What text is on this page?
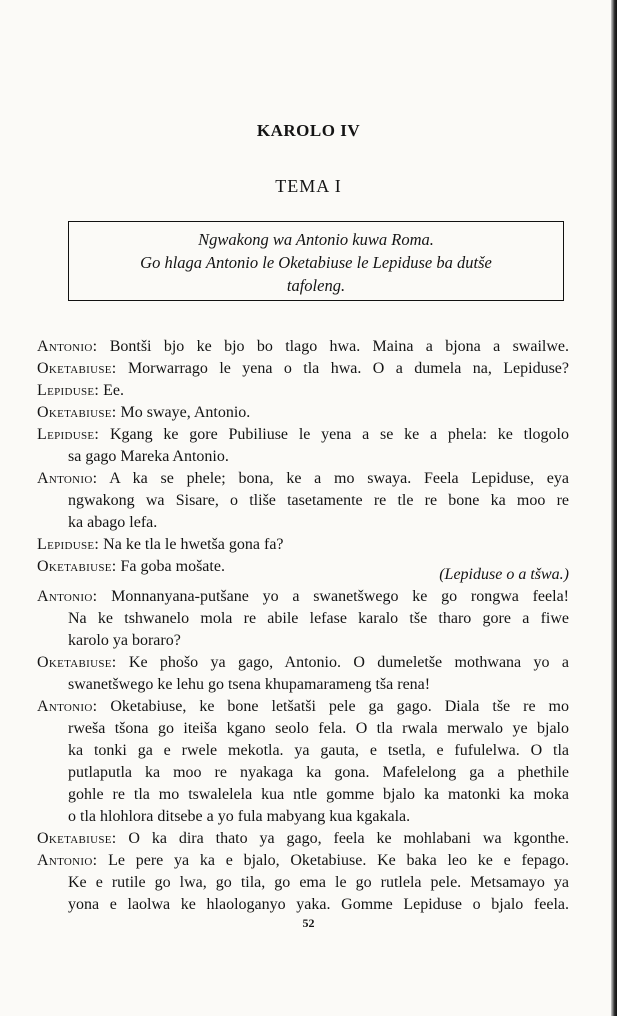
KAROLO IV
TEMA I
Ngwakong wa Antonio kuwa Roma.
Go hlaga Antonio le Oketabiuse le Lepiduse ba dutše
tafoleng.
Antonio: Bontši bjo ke bjo bo tlago hwa. Maina a bjona a swailwe.
Oketabiuse: Morwarrago le yena o tla hwa. O a dumela na, Lepiduse?
Lepiduse: Ee.
Oketabiuse: Mo swaye, Antonio.
Lepiduse: Kgang ke gore Pubiliuse le yena a se ke a phela: ke tlogolo
sa gago Mareka Antonio.
Antonio: A ka se phele; bona, ke a mo swaya. Feela Lepiduse, eya
ngwakong wa Sisare, o tliše tasetamente re tle re bone ka moo re
ka abago lefa.
Lepiduse: Na ke tla le hwetša gona fa?
Oketabiuse: Fa goba mošate.	(Lepiduse o a tšwa.)
Antonio: Monnanyana-putšane yo a swanetšwego ke go rongwa feela!
Na ke tshwanelo mola re abile lefase karalo tše tharo gore a fiwe
karolo ya boraro?
Oketabiuse: Ke phošo ya gago, Antonio. O dumeletše mothwana yo a
swanetšwego ke lehu go tsena khupamarameng tša rena!
Antonio: Oketabiuse, ke bone letšatši pele ga gago. Diala tše re mo
rweša tšona go iteiša kgano seolo fela. O tla rwala merwalo ye bjalo
ka tonki ga e rwele mekotla. ya gauta, e tsetla, e fufulelwa. O tla
putlaputla ka moo re nyakaga ka gona. Mafelelong ga a phethile
gohle re tla mo tswalelela kua ntle gomme bjalo ka matonki ka moka
o tla hlohlora ditsebe a yo fula mabyang kua kgakala.
Oketabiuse: O ka dira thato ya gago, feela ke mohlabani wa kgonthe.
Antonio: Le pere ya ka e bjalo, Oketabiuse. Ke baka leo ke e fepago.
Ke e rutile go lwa, go tila, go ema le go rutlela pele. Metsamayo ya
yona e laolwa ke hlaologanyo yaka. Gomme Lepiduse o bjalo feela.
52
